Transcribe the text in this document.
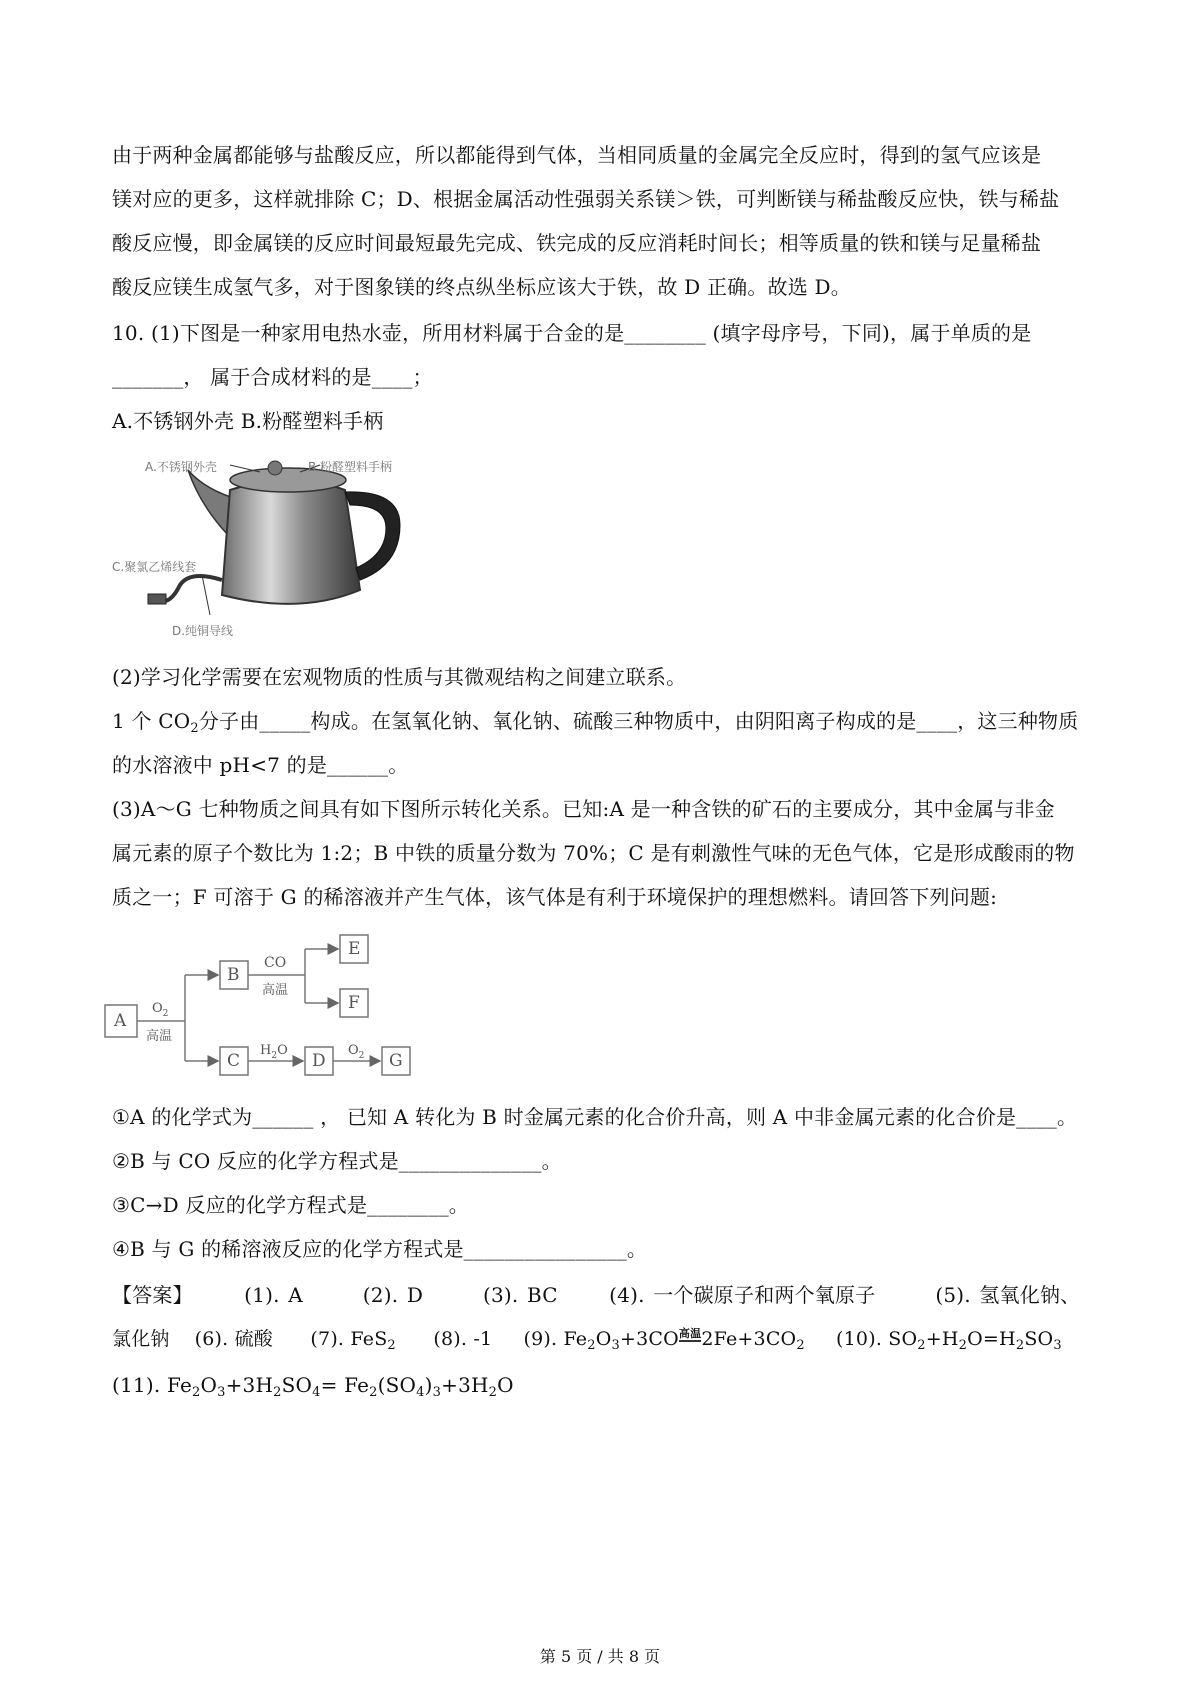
由于两种金属都能够与盐酸反应，所以都能得到气体，当相同质量的金属完全反应时，得到的氢气应该是
镁对应的更多，这样就排除 C；D、根据金属活动性强弱关系镁＞铁，可判断镁与稀盐酸反应快，铁与稀盐
酸反应慢，即金属镁的反应时间最短最先完成、铁完成的反应消耗时间长；相等质量的铁和镁与足量稀盐
酸反应镁生成氢气多，对于图象镁的终点纵坐标应该大于铁，故 D 正确。故选 D。
10. (1)下图是一种家用电热水壶，所用材料属于合金的是________ (填字母序号，下同)，属于单质的是
_______， 属于合成材料的是____；
A.不锈钢外壳 B.粉醛塑料手柄
A.不锈钢外壳	B.粉醛塑料手柄
C.聚氯乙烯线套
D.纯铜导线
(2)学习化学需要在宏观物质的性质与其微观结构之间建立联系。
1 个 $CO_2$分子由_____构成。在氢氧化钠、氧化钠、硫酸三种物质中，由阴阳离子构成的是____，这三种物质
的水溶液中 pH<7 的是______。
(3)A～G 七种物质之间具有如下图所示转化关系。已知:A 是一种含铁的矿石的主要成分，其中金属与非金
属元素的原子个数比为 1:2；B 中铁的质量分数为 70%；C 是有刺激性气味的无色气体，它是形成酸雨的物
质之一；F 可溶于 G 的稀溶液并产生气体，该气体是有利于环境保护的理想燃料。请回答下列问题:
A
B
C
E
F
D	G
$O_2$
高温
CO
高温
$H_2O$	$O_2$
①A 的化学式为______ ， 已知 A 转化为 B 时金属元素的化合价升高，则 A 中非金属元素的化合价是____。
②B 与 CO 反应的化学方程式是______________。
③C→D 反应的化学方程式是________。
④B 与 G 的稀溶液反应的化学方程式是________________。
【答案】	(1). A	(2). D	(3). BC	(4). 一个碳原子和两个氧原子	(5). 氢氧化钠、
氯化钠 (6). 硫酸 (7). FeS$_2$ (8). -1 (9). $Fe_2O_3+3CO$高温$2Fe+3CO_2$ (10). $SO_2+H_2O=H_2SO_3$
(11). $Fe_2O_3+3H_2SO_4= Fe_2(SO_4)_3+3H_2O$
第 5 页 / 共 8 页
